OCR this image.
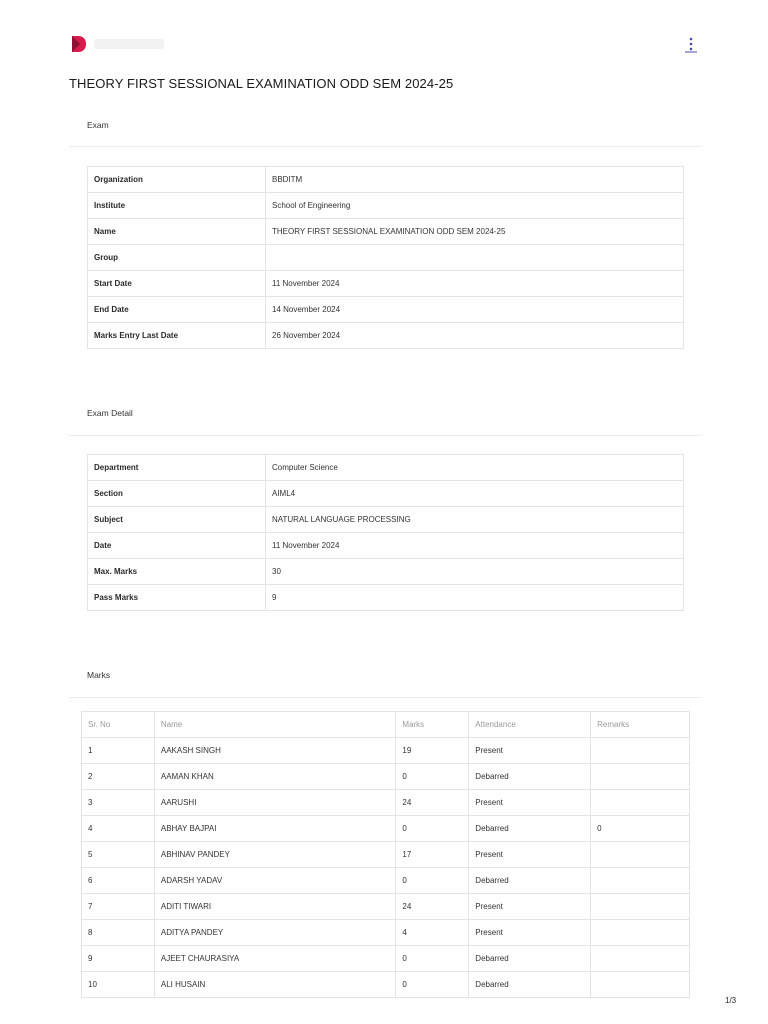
THEORY FIRST SESSIONAL EXAMINATION ODD SEM 2024-25
Exam
Organization	BBDITM
Institute	School of Engineering
Name	THEORY FIRST SESSIONAL EXAMINATION ODD SEM 2024-25
Group	
Start Date	11 November 2024
End Date	14 November 2024
Marks Entry Last Date	26 November 2024
Exam Detail
Department	Computer Science
Section	AIML4
Subject	NATURAL LANGUAGE PROCESSING
Date	11 November 2024
Max. Marks	30
Pass Marks	9
Marks
Sr. No	Name	Marks	Attendance	Remarks
1	AAKASH SINGH	19	Present	
2	AAMAN KHAN	0	Debarred	
3	AARUSHI	24	Present	
4	ABHAY BAJPAI	0	Debarred	0
5	ABHINAV PANDEY	17	Present	
6	ADARSH YADAV	0	Debarred	
7	ADITI TIWARI	24	Present	
8	ADITYA PANDEY	4	Present	
9	AJEET CHAURASIYA	0	Debarred	
10	ALI HUSAIN	0	Debarred	
1/3
